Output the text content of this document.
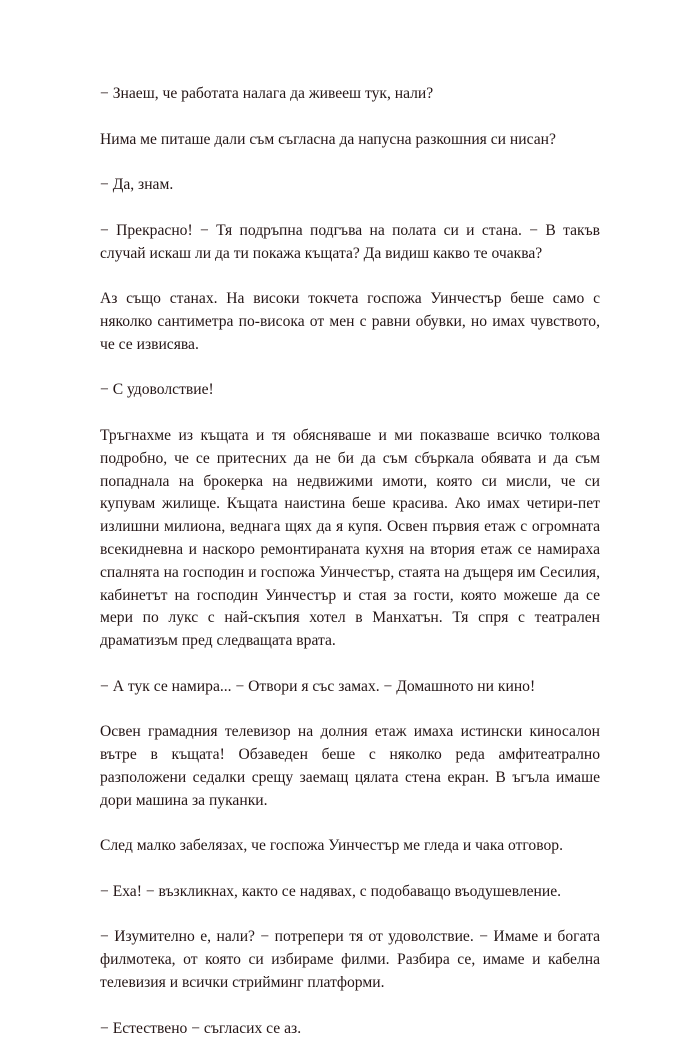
− Знаеш, че работата налага да живееш тук, нали?

Нима ме питаше дали съм съгласна да напусна разкошния си нисан?

− Да, знам.

− Прекрасно! − Тя подръпна подгъва на полата си и стана. − В такъв случай искаш ли да ти покажа къщата? Да видиш какво те очаква?

Аз също станах. На високи токчета госпожа Уинчестър беше само с няколко сантиметра по-висока от мен с равни обувки, но имах чувството, че се извисява.

− С удоволствие!

Тръгнахме из къщата и тя обясняваше и ми показваше всичко толкова подробно, че се притесних да не би да съм сбъркала обявата и да съм попаднала на брокерка на недвижими имоти, която си мисли, че си купувам жилище. Къщата наистина беше красива. Ако имах четири-пет излишни милиона, веднага щях да я купя. Освен първия етаж с огромната всекидневна и наскоро ремонтираната кухня на втория етаж се намираха спалнята на господин и госпожа Уинчестър, стаята на дъщеря им Сесилия, кабинетът на господин Уинчестър и стая за гости, която можеше да се мери по лукс с най-скъпия хотел в Манхатън. Тя спря с театрален драматизъм пред следващата врата.

− А тук се намира... − Отвори я със замах. − Домашното ни кино!

Освен грамадния телевизор на долния етаж имаха истински киносалон вътре в къщата! Обзаведен беше с няколко реда амфитеатрално разположени седалки срещу заемащ цялата стена екран. В ъгъла имаше дори машина за пуканки.

След малко забелязах, че госпожа Уинчестър ме гледа и чака отговор.

− Еха! − възкликнах, както се надявах, с подобаващо въодушевление.

− Изумително е, нали? − потрепери тя от удоволствие. − Имаме и богата филмотека, от която си избираме филми. Разбира се, имаме и кабелна телевизия и всички стрийминг платформи.

− Естествено − съгласих се аз.
